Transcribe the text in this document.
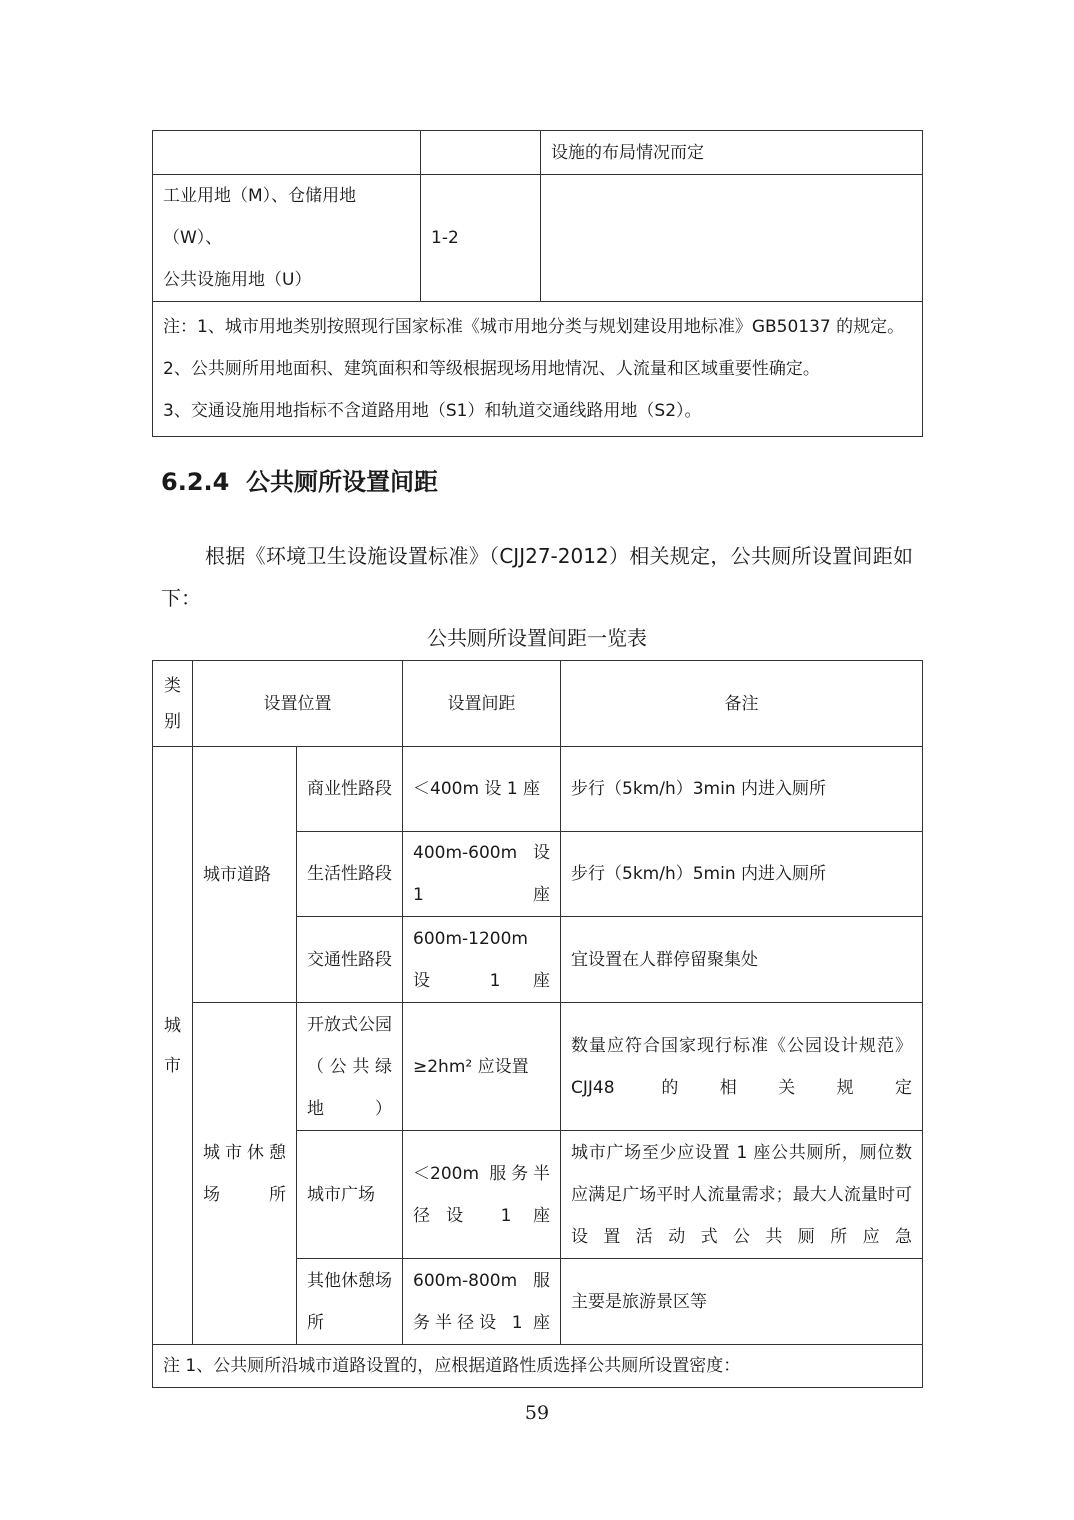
		设施的布局情况而定

工业用地（M）、仓储用地（W）、
公共设施用地（U）	1-2	

注：1、城市用地类别按照现行国家标准《城市用地分类与规划建设用地标准》GB50137 的规定。
2、公共厕所用地面积、建筑面积和等级根据现场用地情况、人流量和区域重要性确定。
3、交通设施用地指标不含道路用地（S1）和轨道交通线路用地（S2）。		
6.2.4  公共厕所设置间距

根据《环境卫生设施设置标准》（CJJ27-2012）相关规定，公共厕所设置间距如下：

公共厕所设置间距一览表
类别	设置位置		设置间距	备注
城市	城市道路	商业性路段	＜400m 设 1 座	步行（5km/h）3min 内进入厕所
		生活性路段	400m-600m 设 1 座	步行（5km/h）5min 内进入厕所
		交通性路段	600m-1200m 设 1 座	宜设置在人群停留聚集处
	城市休憩场所	开放式公园（公共绿地）	≥2hm² 应设置	数量应符合国家现行标准《公园设计规范》CJJ48 的相关规定
		城市广场	＜200m 服务半径设 1 座	城市广场至少应设置 1 座公共厕所，厕位数应满足广场平时人流量需求；最大人流量时可设置活动式公共厕所应急
		其他休憩场所	600m-800m 服务半径设 1 座	主要是旅游景区等
注 1、公共厕所沿城市道路设置的，应根据道路性质选择公共厕所设置密度：				
59
